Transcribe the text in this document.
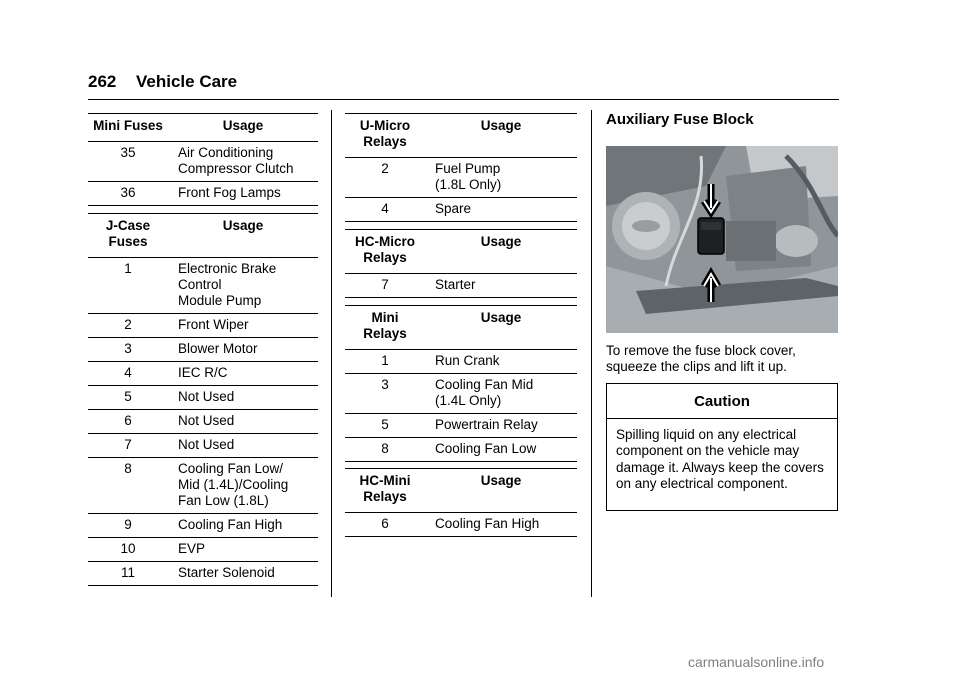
262 Vehicle Care
Mini Fuses	Usage
35	Air Conditioning
Compressor Clutch
36	Front Fog Lamps
J-Case
Fuses	Usage
1	Electronic Brake
Control
Module Pump
2	Front Wiper
3	Blower Motor
4	IEC R/C
5	Not Used
6	Not Used
7	Not Used
8	Cooling Fan Low/
Mid (1.4L)/Cooling
Fan Low (1.8L)
9	Cooling Fan High
10	EVP
11	Starter Solenoid
U-Micro
Relays	Usage
2	Fuel Pump
(1.8L Only)
4	Spare
HC-Micro
Relays	Usage
7	Starter
Mini
Relays	Usage
1	Run Crank
3	Cooling Fan Mid
(1.4L Only)
5	Powertrain Relay
8	Cooling Fan Low
HC-Mini
Relays	Usage
6	Cooling Fan High
Auxiliary Fuse Block
To remove the fuse block cover, squeeze the clips and lift it up.
Caution
Spilling liquid on any electrical component on the vehicle may damage it. Always keep the covers on any electrical component.
carmanualsonline.info
